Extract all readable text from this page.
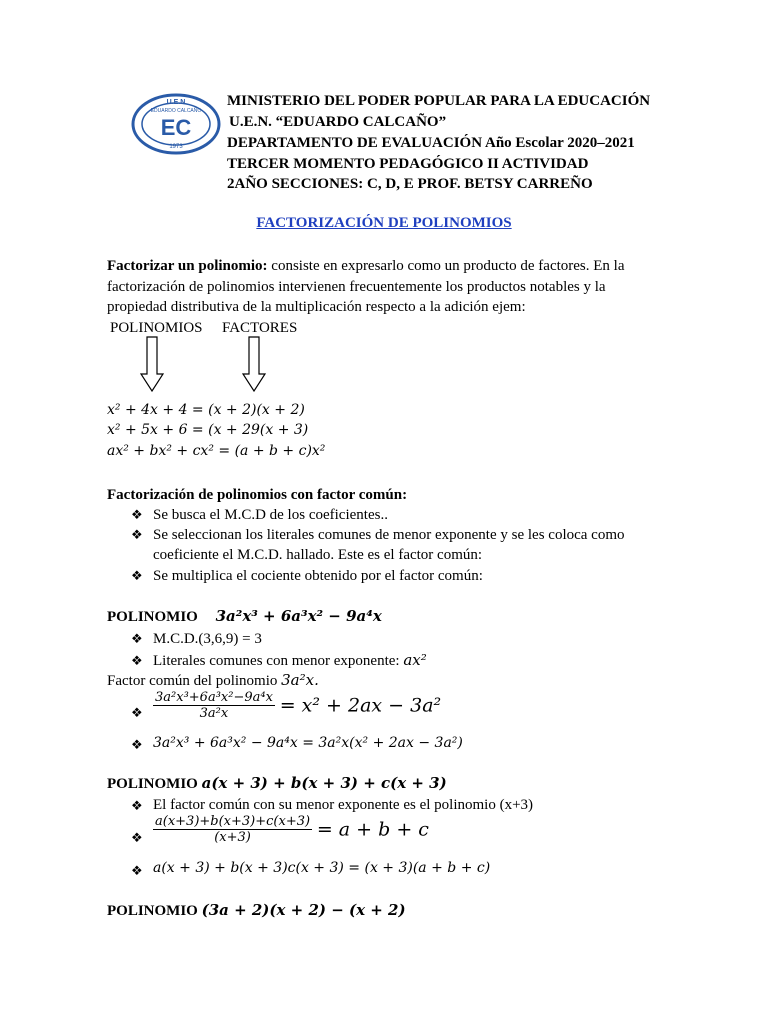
U.E.N
EDUARDO CALCAÑO
EC
1973
MINISTERIO DEL PODER POPULAR PARA LA EDUCACIÓN
U.E.N. “EDUARDO CALCAÑO”
DEPARTAMENTO DE EVALUACIÓN Año Escolar 2020–2021
TERCER MOMENTO PEDAGÓGICO II ACTIVIDAD
2AÑO SECCIONES: C, D, E PROF. BETSY CARREÑO
FACTORIZACIÓN DE POLINOMIOS
Factorizar un polinomio: consiste en expresarlo como un producto de factores. En la
factorización de polinomios intervienen frecuentemente los productos notables y la
propiedad distributiva de la multiplicación respecto a la adición ejem:
POLINOMIOS FACTORES
x² + 4x + 4 = (x + 2)(x + 2)
x² + 5x + 6 = (x + 29(x + 3)
ax² + bx² + cx² = (a + b + c)x²
Factorización de polinomios con factor común:
❖ Se busca el M.C.D de los coeficientes..
❖ Se seleccionan los literales comunes de menor exponente y se les coloca como
coeficiente el M.C.D. hallado. Este es el factor común:
❖ Se multiplica el cociente obtenido por el factor común:
POLINOMIO 3a²x³ + 6a³x² − 9a⁴x
❖ M.C.D.(3,6,9) = 3
❖ Literales comunes con menor exponente: ax²
Factor común del polinomio 3a²x.
❖ $\frac{\text{3a²x³+6a³x²−9a⁴x}}{\text{3a²x}} = x^2 + 2ax - 3a^2$
❖ 3a²x³ + 6a³x² − 9a⁴x = 3a²x(x² + 2ax − 3a²)
POLINOMIO a(x + 3) + b(x + 3) + c(x + 3)
❖ El factor común con su menor exponente es el polinomio (x+3)
❖ $\frac{a(x+3)+b(x+3)+c(x+3)}{(x+3)} = a + b + c$
❖ a(x + 3) + b(x + 3)c(x + 3) = (x + 3)(a + b + c)
POLINOMIO (3a + 2)(x + 2) − (x + 2)
